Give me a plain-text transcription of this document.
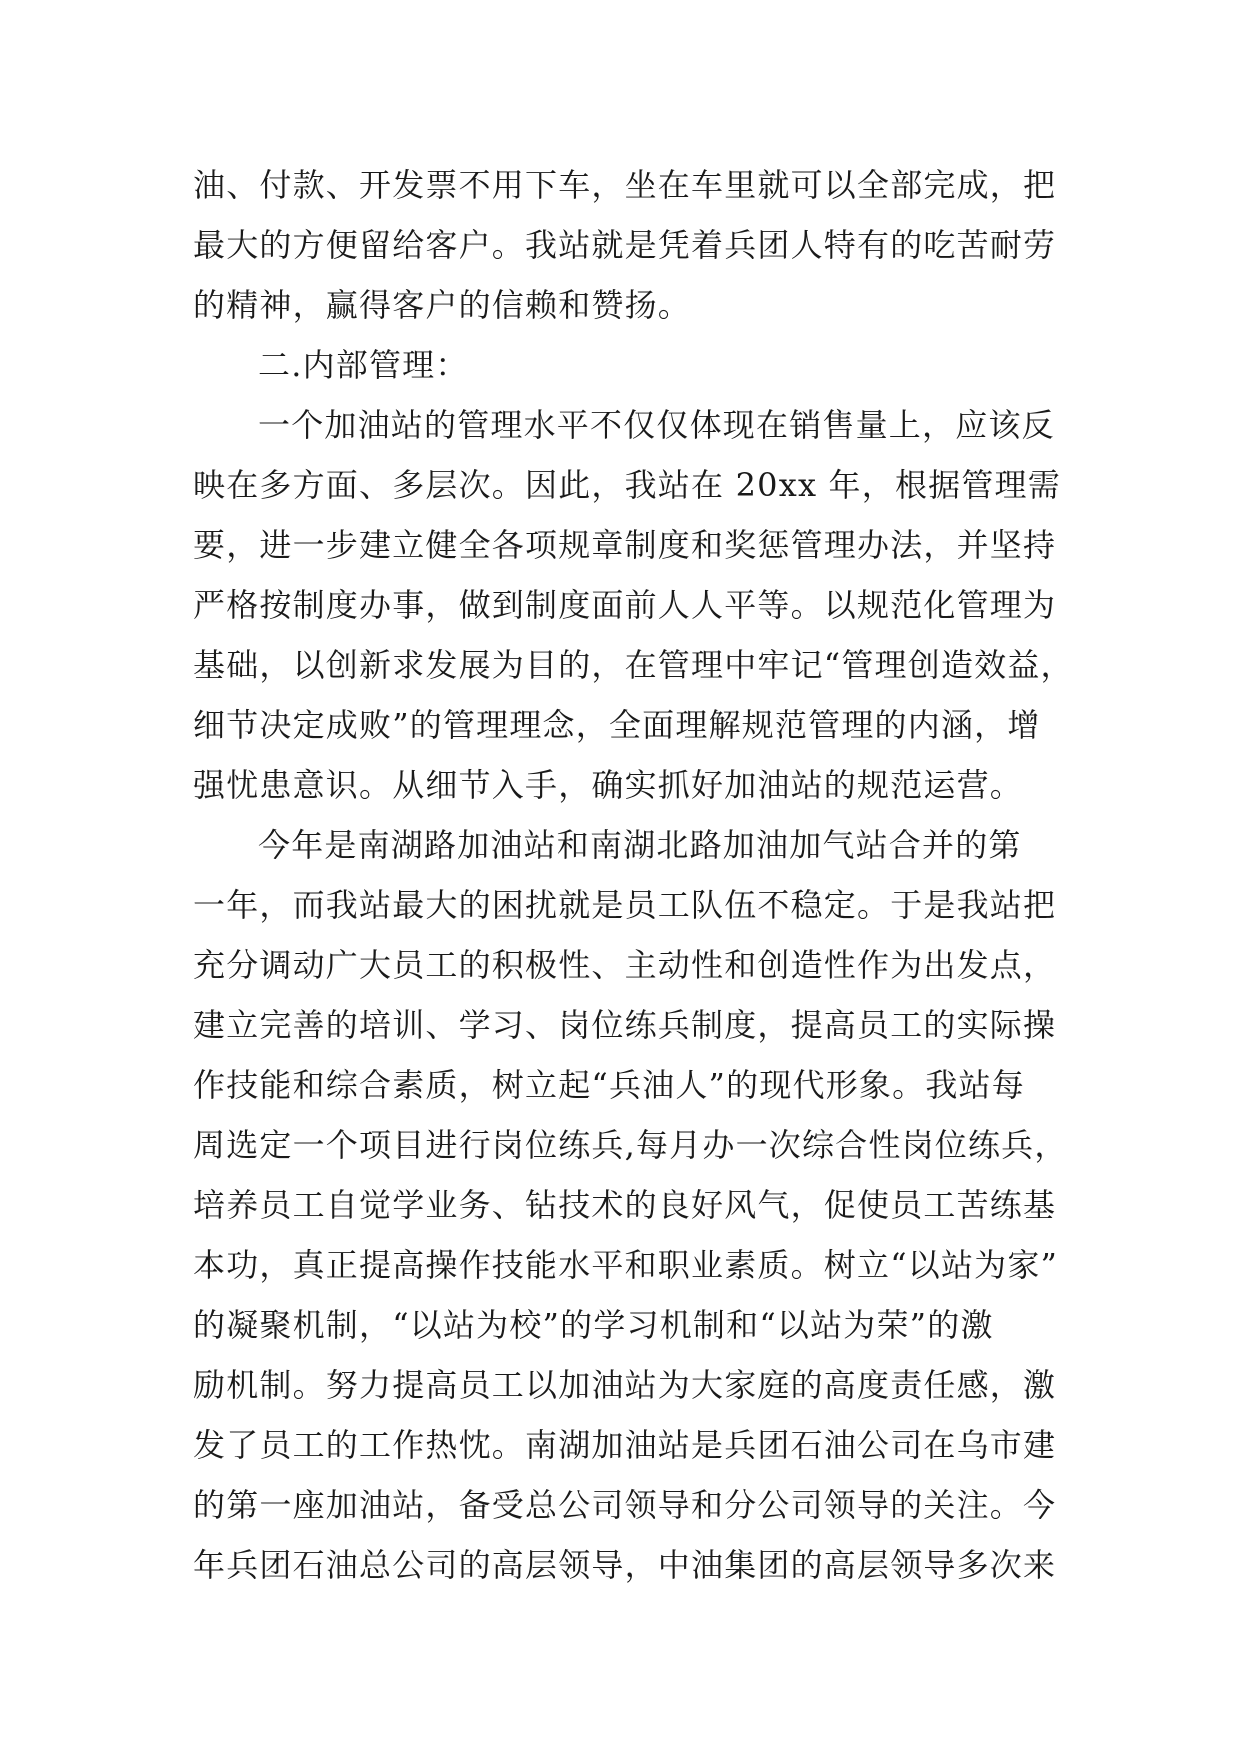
油、付款、开发票不用下车，坐在车里就可以全部完成，把
最大的方便留给客户。我站就是凭着兵团人特有的吃苦耐劳
的精神，赢得客户的信赖和赞扬。
二.内部管理：
一个加油站的管理水平不仅仅体现在销售量上，应该反
映在多方面、多层次。因此，我站在 20xx 年，根据管理需
要，进一步建立健全各项规章制度和奖惩管理办法，并坚持
严格按制度办事，做到制度面前人人平等。以规范化管理为
基础，以创新求发展为目的，在管理中牢记“管理创造效益，
细节决定成败”的管理理念，全面理解规范管理的内涵，增
强忧患意识。从细节入手，确实抓好加油站的规范运营。
今年是南湖路加油站和南湖北路加油加气站合并的第
一年，而我站最大的困扰就是员工队伍不稳定。于是我站把
充分调动广大员工的积极性、主动性和创造性作为出发点，
建立完善的培训、学习、岗位练兵制度，提高员工的实际操
作技能和综合素质，树立起“兵油人”的现代形象。我站每
周选定一个项目进行岗位练兵,每月办一次综合性岗位练兵，
培养员工自觉学业务、钻技术的良好风气，促使员工苦练基
本功，真正提高操作技能水平和职业素质。树立“以站为家”
的凝聚机制，“以站为校”的学习机制和“以站为荣”的激
励机制。努力提高员工以加油站为大家庭的高度责任感，激
发了员工的工作热忱。南湖加油站是兵团石油公司在乌市建
的第一座加油站，备受总公司领导和分公司领导的关注。今
年兵团石油总公司的高层领导，中油集团的高层领导多次来
